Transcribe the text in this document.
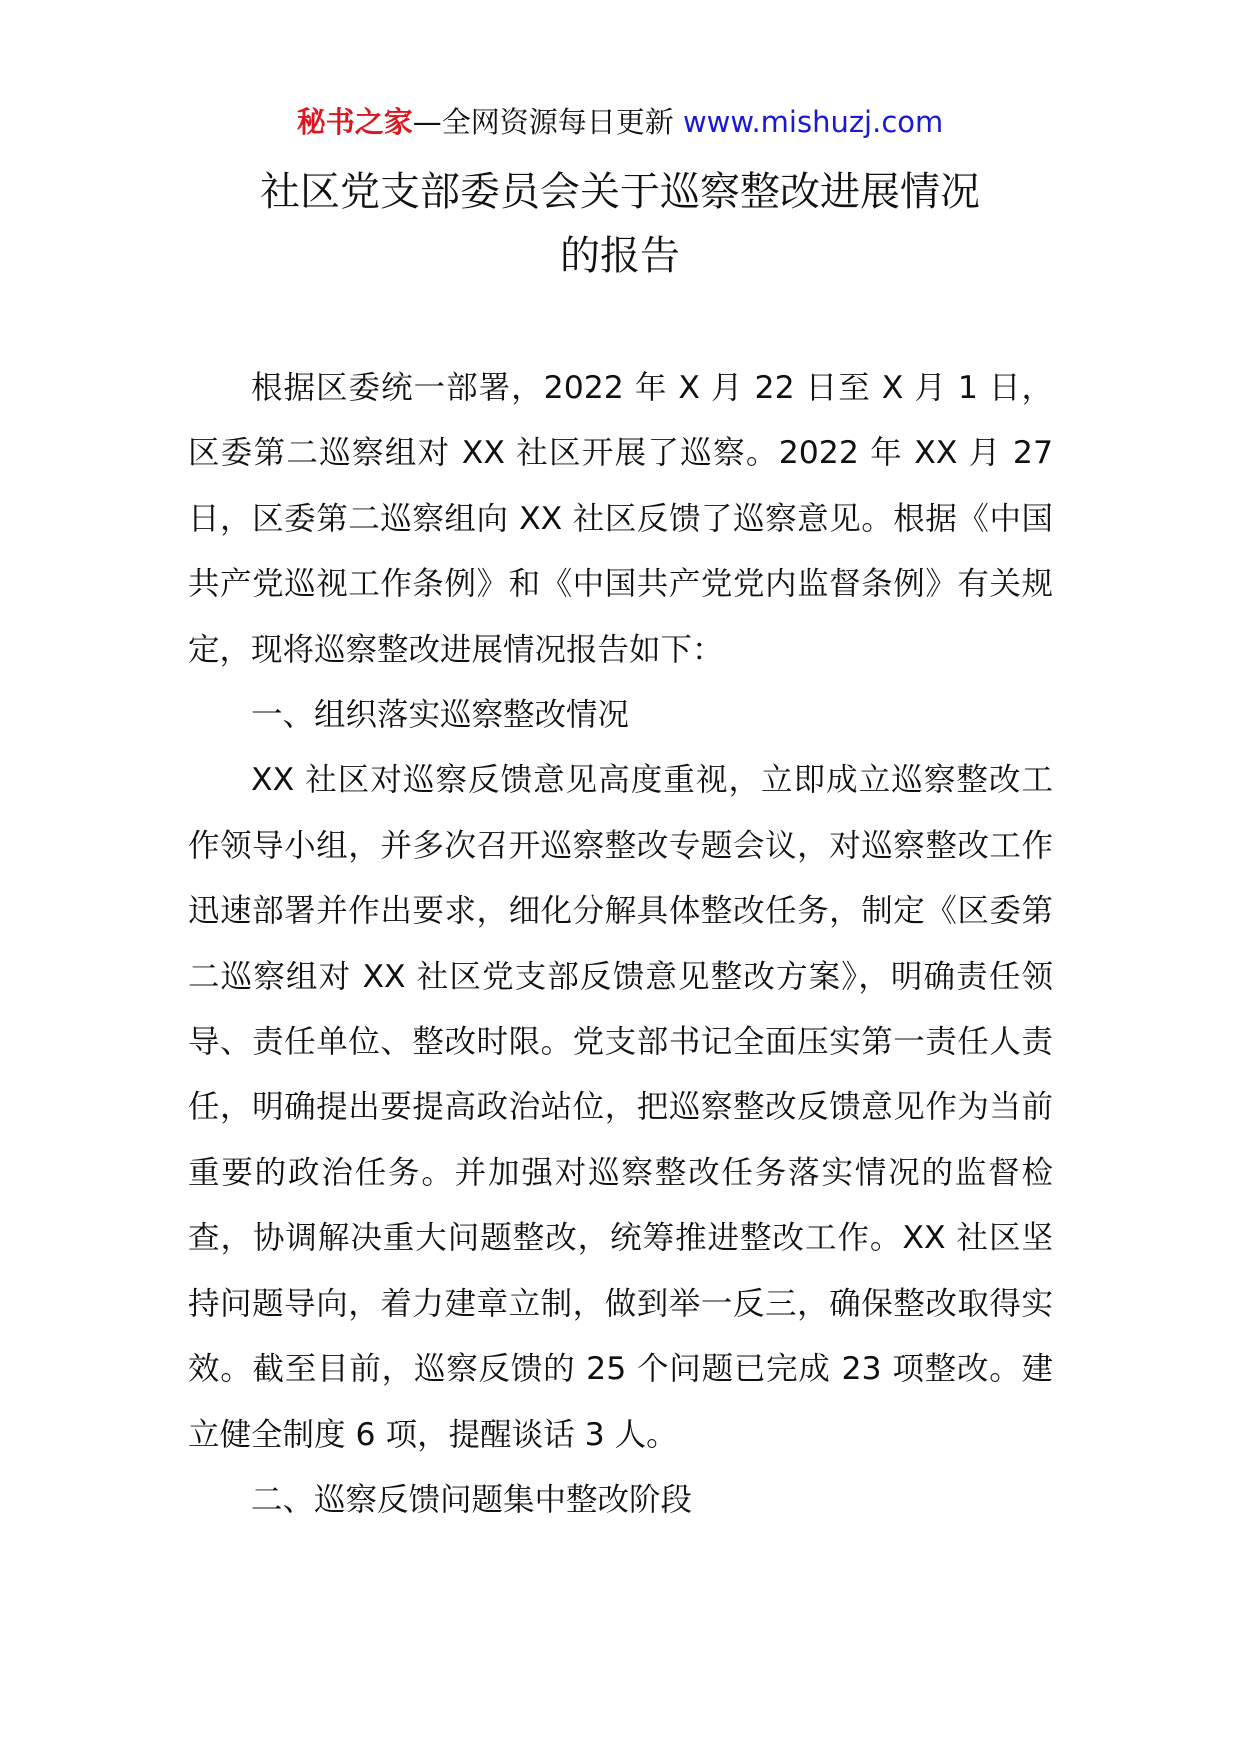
秘书之家—全网资源每日更新 www.mishuzj.com
社区党支部委员会关于巡察整改进展情况
的报告

根据区委统一部署，2022 年 X 月 22 日至 X 月 1 日，区委第二巡察组对 XX 社区开展了巡察。2022 年 XX 月 27 日，区委第二巡察组向 XX 社区反馈了巡察意见。根据《中国共产党巡视工作条例》和《中国共产党党内监督条例》有关规定，现将巡察整改进展情况报告如下：

一、组织落实巡察整改情况

XX 社区对巡察反馈意见高度重视，立即成立巡察整改工作领导小组，并多次召开巡察整改专题会议，对巡察整改工作迅速部署并作出要求，细化分解具体整改任务，制定《区委第二巡察组对 XX 社区党支部反馈意见整改方案》，明确责任领导、责任单位、整改时限。党支部书记全面压实第一责任人责任，明确提出要提高政治站位，把巡察整改反馈意见作为当前重要的政治任务。并加强对巡察整改任务落实情况的监督检查，协调解决重大问题整改，统筹推进整改工作。XX 社区坚持问题导向，着力建章立制，做到举一反三，确保整改取得实效。截至目前，巡察反馈的 25 个问题已完成 23 项整改。建立健全制度 6 项，提醒谈话 3 人。

二、巡察反馈问题集中整改阶段
